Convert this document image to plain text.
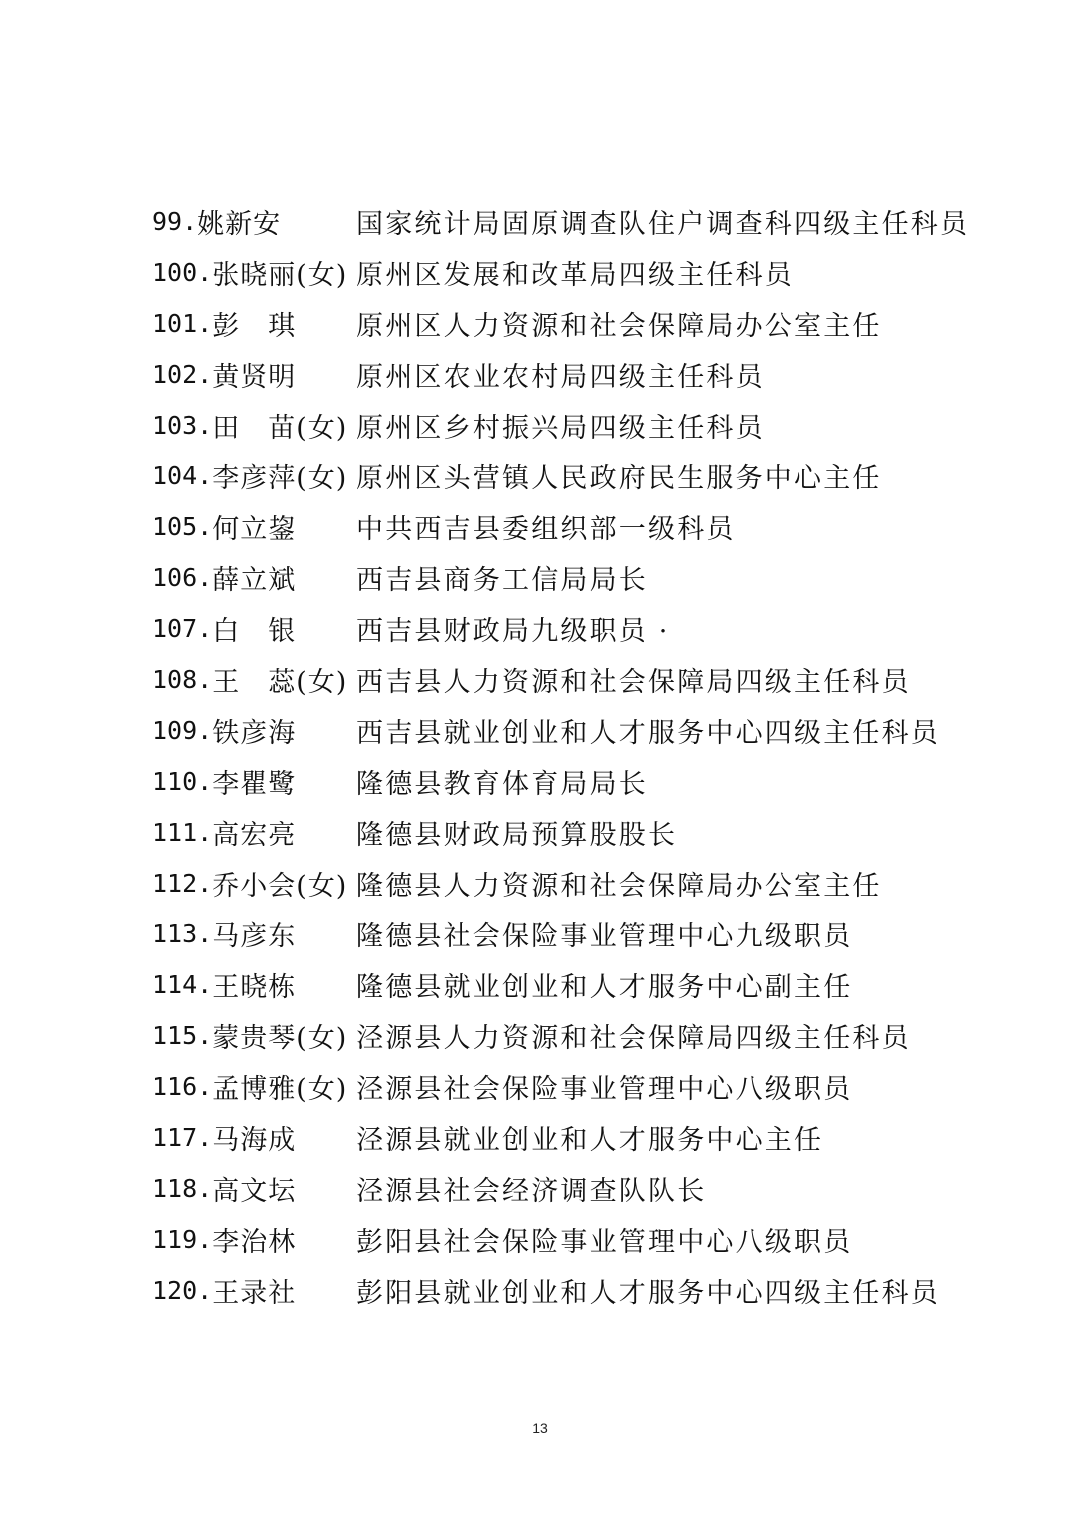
99. 姚新安	国家统计局固原调查队住户调查科四级主任科员
100. 张晓丽(女) 原州区发展和改革局四级主任科员
101. 彭　琪 原州区人力资源和社会保障局办公室主任
102. 黄贤明 原州区农业农村局四级主任科员
103. 田　苗(女) 原州区乡村振兴局四级主任科员
104. 李彦萍(女) 原州区头营镇人民政府民生服务中心主任
105. 何立鋆 中共西吉县委组织部一级科员
106. 薛立斌 西吉县商务工信局局长
107. 白　银 西吉县财政局九级职员 ·
108. 王　蕊(女) 西吉县人力资源和社会保障局四级主任科员
109. 铁彦海 西吉县就业创业和人才服务中心四级主任科员
110. 李瞿鹭 隆德县教育体育局局长
111. 高宏亮 隆德县财政局预算股股长
112. 乔小会(女) 隆德县人力资源和社会保障局办公室主任
113. 马彦东 隆德县社会保险事业管理中心九级职员
114. 王晓栋 隆德县就业创业和人才服务中心副主任
115. 蒙贵琴(女) 泾源县人力资源和社会保障局四级主任科员
116. 孟博雅(女) 泾源县社会保险事业管理中心八级职员
117. 马海成 泾源县就业创业和人才服务中心主任
118. 高文坛 泾源县社会经济调查队队长
119. 李治林 彭阳县社会保险事业管理中心八级职员
120. 王录社 彭阳县就业创业和人才服务中心四级主任科员
13
